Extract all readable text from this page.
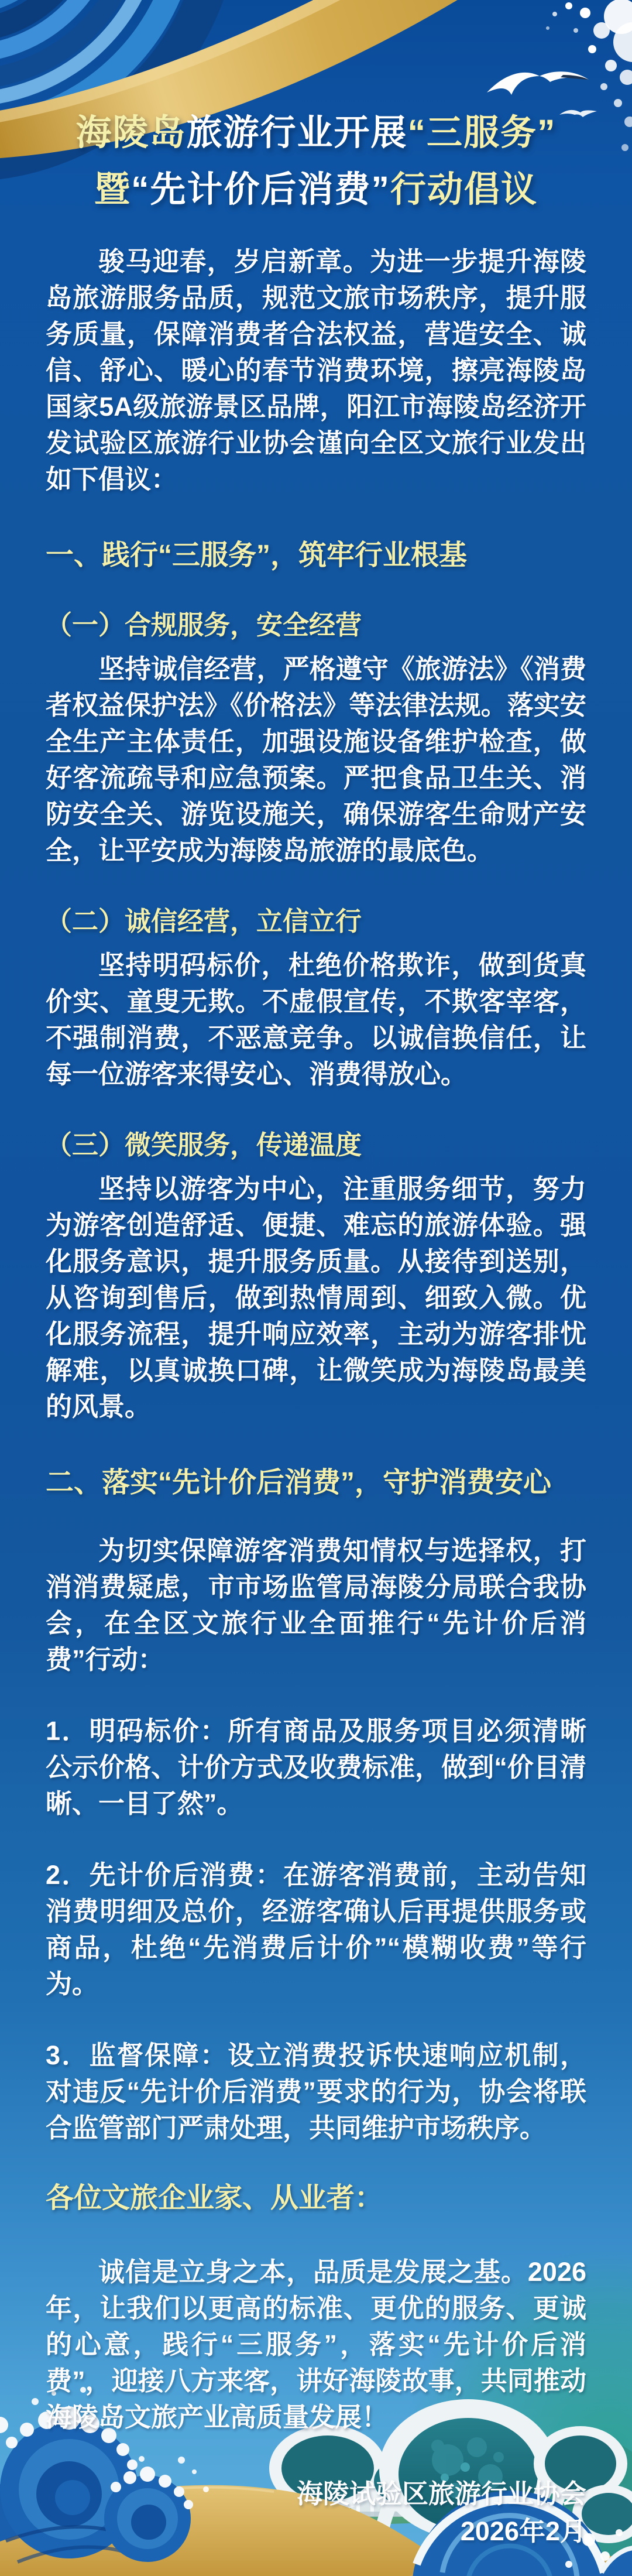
海陵岛旅游行业开展“三服务”
暨“先计价后消费”行动倡议

骏马迎春，岁启新章。为进一步提升海陵岛旅游服务品质，规范文旅市场秩序，提升服务质量，保障消费者合法权益，营造安全、诚信、舒心、暖心的春节消费环境，擦亮海陵岛国家5A级旅游景区品牌，阳江市海陵岛经济开发试验区旅游行业协会谨向全区文旅行业发出如下倡议：

一、践行“三服务”，筑牢行业根基
（一）合规服务，安全经营

坚持诚信经营，严格遵守《旅游法》《消费者权益保护法》《价格法》等法律法规。落实安全生产主体责任，加强设施设备维护检查，做好客流疏导和应急预案。严把食品卫生关、消防安全关、游览设施关，确保游客生命财产安全，让平安成为海陵岛旅游的最底色。

（二）诚信经营，立信立行

坚持明码标价，杜绝价格欺诈，做到货真价实、童叟无欺。不虚假宣传，不欺客宰客，不强制消费，不恶意竞争。以诚信换信任，让每一位游客来得安心、消费得放心。

（三）微笑服务，传递温度

坚持以游客为中心，注重服务细节，努力为游客创造舒适、便捷、难忘的旅游体验。强化服务意识，提升服务质量。从接待到送别，从咨询到售后，做到热情周到、细致入微。优化服务流程，提升响应效率，主动为游客排忧解难，以真诚换口碑，让微笑成为海陵岛最美的风景。

二、落实“先计价后消费”，守护消费安心

为切实保障游客消费知情权与选择权，打消消费疑虑，市市场监管局海陵分局联合我协会，在全区文旅行业全面推行“先计价后消费”行动：

1．明码标价：所有商品及服务项目必须清晰公示价格、计价方式及收费标准，做到“价目清晰、一目了然”。

2．先计价后消费：在游客消费前，主动告知消费明细及总价，经游客确认后再提供服务或商品，杜绝“先消费后计价”“模糊收费”等行为。

3．监督保障：设立消费投诉快速响应机制，对违反“先计价后消费”要求的行为，协会将联合监管部门严肃处理，共同维护市场秩序。

各位文旅企业家、从业者：

诚信是立身之本，品质是发展之基。2026年，让我们以更高的标准、更优的服务、更诚的心意，践行“三服务”，落实“先计价后消费”，迎接八方来客，讲好海陵故事，共同推动海陵岛文旅产业高质量发展！

海陵试验区旅游行业协会
2026年2月
